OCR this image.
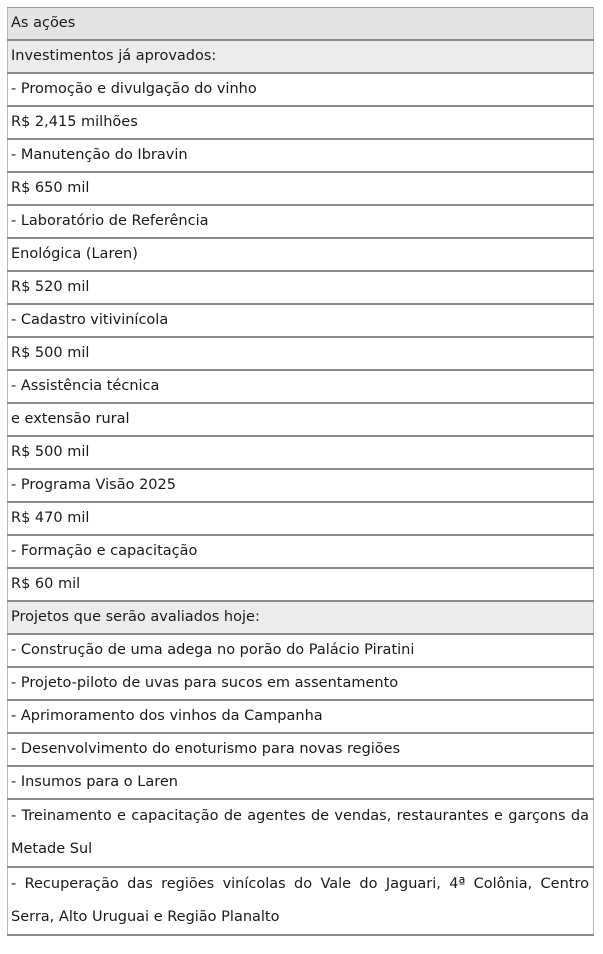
As ações
Investimentos já aprovados:
- Promoção e divulgação do vinho
R$ 2,415 milhões
- Manutenção do Ibravin
R$ 650 mil
- Laboratório de Referência
Enológica (Laren)
R$ 520 mil
- Cadastro vitivinícola
R$ 500 mil
- Assistência técnica
e extensão rural
R$ 500 mil
- Programa Visão 2025
R$ 470 mil
- Formação e capacitação
R$ 60 mil
Projetos que serão avaliados hoje:
- Construção de uma adega no porão do Palácio Piratini
- Projeto-piloto de uvas para sucos em assentamento
- Aprimoramento dos vinhos da Campanha
- Desenvolvimento do enoturismo para novas regiões
- Insumos para o Laren
- Treinamento e capacitação de agentes de vendas, restaurantes e garçons da Metade Sul
- Recuperação das regiões vinícolas do Vale do Jaguari, 4ª Colônia, Centro Serra, Alto Uruguai e Região Planalto
